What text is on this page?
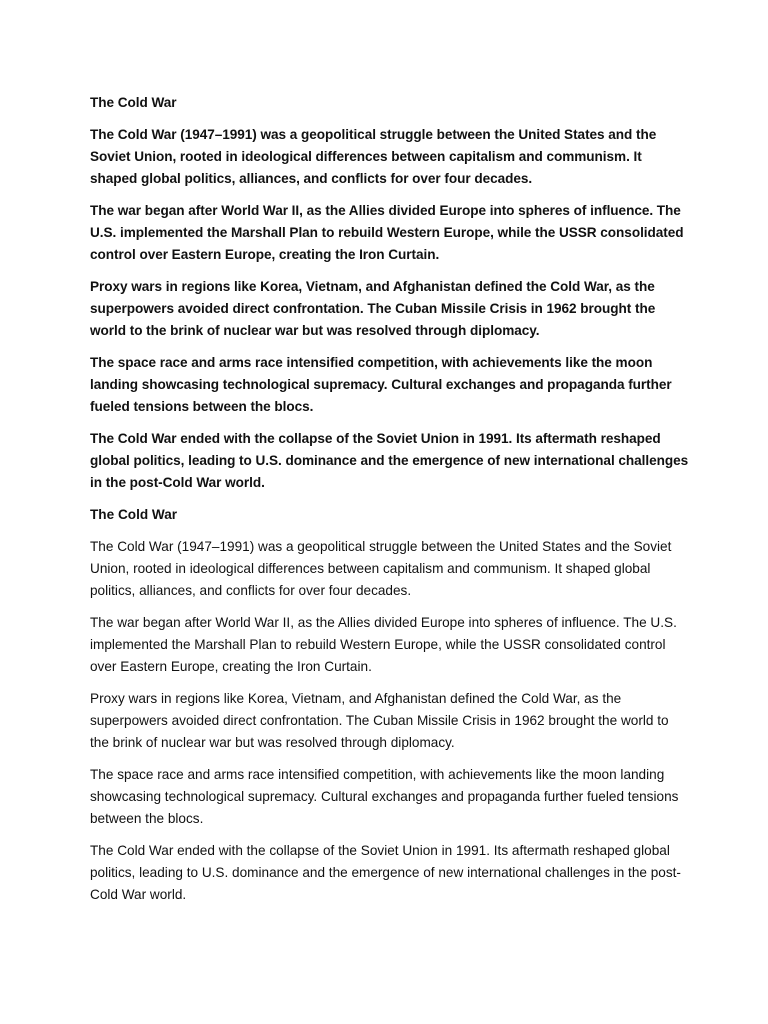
The Cold War

The Cold War (1947–1991) was a geopolitical struggle between the United States and the Soviet Union, rooted in ideological differences between capitalism and communism. It shaped global politics, alliances, and conflicts for over four decades.

The war began after World War II, as the Allies divided Europe into spheres of influence. The U.S. implemented the Marshall Plan to rebuild Western Europe, while the USSR consolidated control over Eastern Europe, creating the Iron Curtain.

Proxy wars in regions like Korea, Vietnam, and Afghanistan defined the Cold War, as the superpowers avoided direct confrontation. The Cuban Missile Crisis in 1962 brought the world to the brink of nuclear war but was resolved through diplomacy.

The space race and arms race intensified competition, with achievements like the moon landing showcasing technological supremacy. Cultural exchanges and propaganda further fueled tensions between the blocs.

The Cold War ended with the collapse of the Soviet Union in 1991. Its aftermath reshaped global politics, leading to U.S. dominance and the emergence of new international challenges in the post-Cold War world.

The Cold War

The Cold War (1947–1991) was a geopolitical struggle between the United States and the Soviet Union, rooted in ideological differences between capitalism and communism. It shaped global politics, alliances, and conflicts for over four decades.

The war began after World War II, as the Allies divided Europe into spheres of influence. The U.S. implemented the Marshall Plan to rebuild Western Europe, while the USSR consolidated control over Eastern Europe, creating the Iron Curtain.

Proxy wars in regions like Korea, Vietnam, and Afghanistan defined the Cold War, as the superpowers avoided direct confrontation. The Cuban Missile Crisis in 1962 brought the world to the brink of nuclear war but was resolved through diplomacy.

The space race and arms race intensified competition, with achievements like the moon landing showcasing technological supremacy. Cultural exchanges and propaganda further fueled tensions between the blocs.

The Cold War ended with the collapse of the Soviet Union in 1991. Its aftermath reshaped global politics, leading to U.S. dominance and the emergence of new international challenges in the post-Cold War world.
